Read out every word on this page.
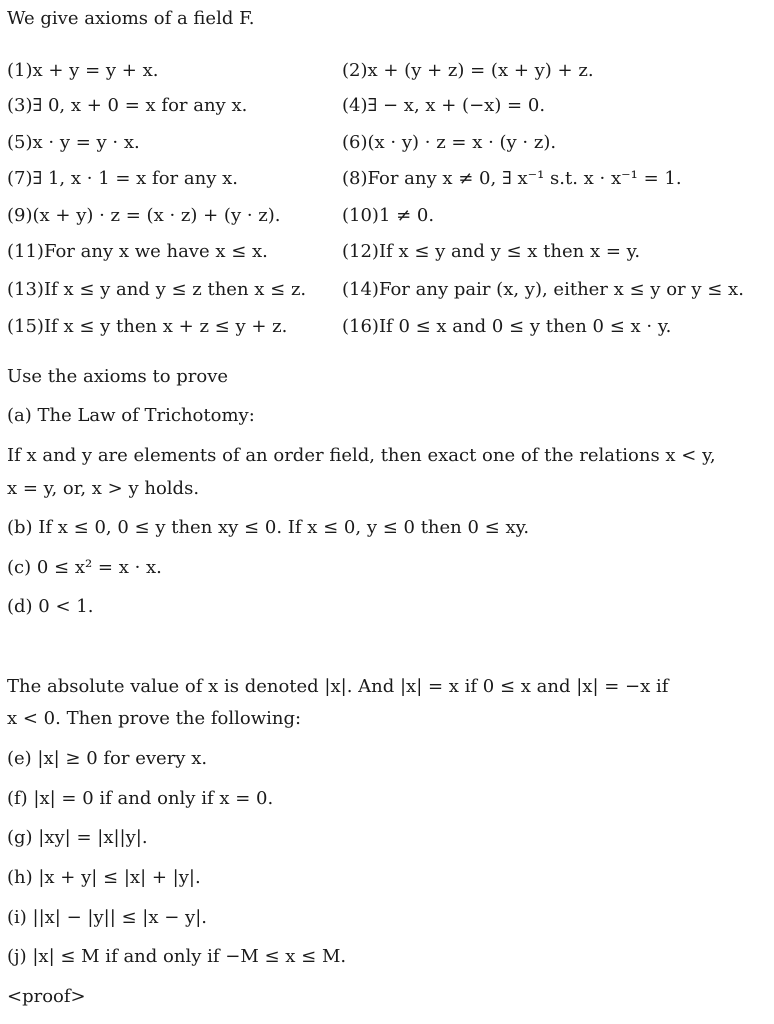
We give axioms of a field F.
(1)x + y = y + x.	(2)x + (y + z) = (x + y) + z.
(3)∃ 0, x + 0 = x for any x.	(4)∃ − x, x + (−x) = 0.
(5)x · y = y · x.	(6)(x · y) · z = x · (y · z).
(7)∃ 1, x · 1 = x for any x.	(8)For any x ≠ 0, ∃ x⁻¹ s.t. x · x⁻¹ = 1.
(9)(x + y) · z = (x · z) + (y · z).	(10)1 ≠ 0.
(11)For any x we have x ≤ x.	(12)If x ≤ y and y ≤ x then x = y.
(13)If x ≤ y and y ≤ z then x ≤ z. (14)For any pair (x, y), either x ≤ y or y ≤ x.
(15)If x ≤ y then x + z ≤ y + z.	(16)If 0 ≤ x and 0 ≤ y then 0 ≤ x · y.
Use the axioms to prove
(a) The Law of Trichotomy:
If x and y are elements of an order field, then exact one of the relations x < y,
x = y, or, x > y holds.
(b) If x ≤ 0, 0 ≤ y then xy ≤ 0. If x ≤ 0, y ≤ 0 then 0 ≤ xy.
(c) 0 ≤ x² = x · x.
(d) 0 < 1.
The absolute value of x is denoted |x|. And |x| = x if 0 ≤ x and |x| = −x if
x < 0. Then prove the following:
(e) |x| ≥ 0 for every x.
(f) |x| = 0 if and only if x = 0.
(g) |xy| = |x||y|.
(h) |x + y| ≤ |x| + |y|.
(i) ||x| − |y|| ≤ |x − y|.
(j) |x| ≤ M if and only if −M ≤ x ≤ M.
<proof>
